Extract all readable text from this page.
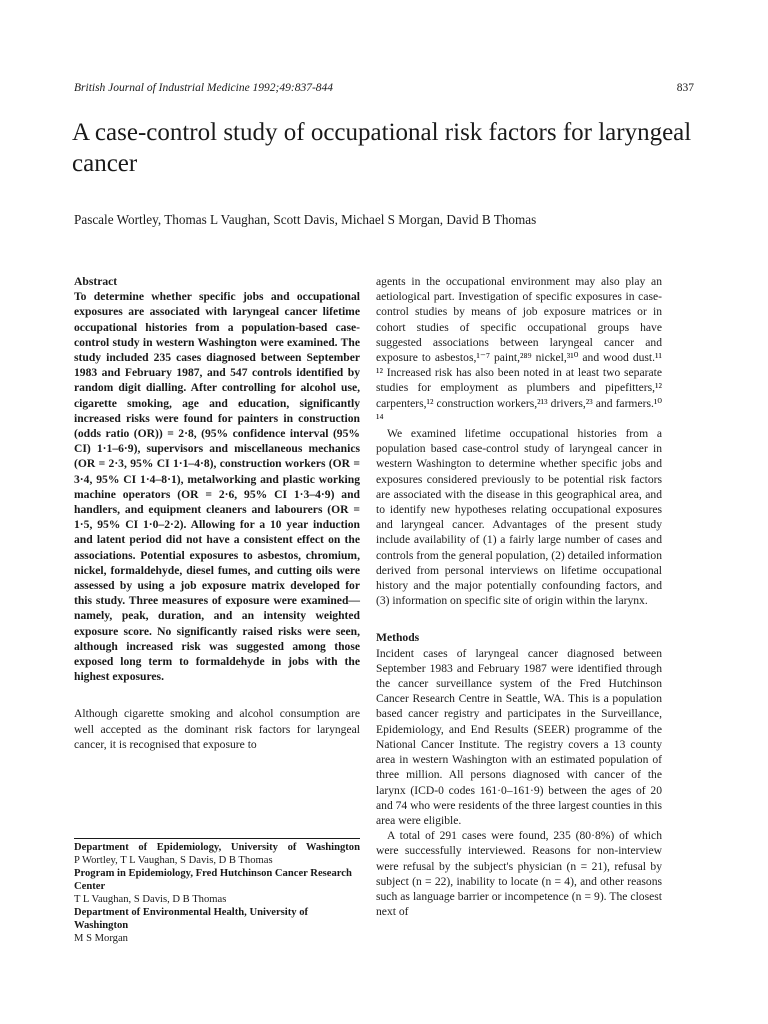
British Journal of Industrial Medicine 1992;49:837-844	837
A case-control study of occupational risk factors for laryngeal cancer
Pascale Wortley, Thomas L Vaughan, Scott Davis, Michael S Morgan, David B Thomas

Abstract

To determine whether specific jobs and occupational exposures are associated with laryngeal cancer lifetime occupational histories from a population-based case-control study in western Washington were examined. The study included 235 cases diagnosed between September 1983 and February 1987, and 547 controls identified by random digit dialling. After controlling for alcohol use, cigarette smoking, age and education, significantly increased risks were found for painters in construction (odds ratio (OR)) = 2·8, (95% confidence interval (95% CI) 1·1–6·9), supervisors and miscellaneous mechanics (OR = 2·3, 95% CI 1·1–4·8), construction workers (OR = 3·4, 95% CI 1·4–8·1), metalworking and plastic working machine operators (OR = 2·6, 95% CI 1·3–4·9) and handlers, and equipment cleaners and labourers (OR = 1·5, 95% CI 1·0–2·2). Allowing for a 10 year induction and latent period did not have a consistent effect on the associations. Potential exposures to asbestos, chromium, nickel, formaldehyde, diesel fumes, and cutting oils were assessed by using a job exposure matrix developed for this study. Three measures of exposure were examined—namely, peak, duration, and an intensity weighted exposure score. No significantly raised risks were seen, although increased risk was suggested among those exposed long term to formaldehyde in jobs with the highest exposures.

Although cigarette smoking and alcohol consumption are well accepted as the dominant risk factors for laryngeal cancer, it is recognised that exposure to

Department of Epidemiology, University of Washington
P Wortley, T L Vaughan, S Davis, D B Thomas
Program in Epidemiology, Fred Hutchinson Cancer Research Center
T L Vaughan, S Davis, D B Thomas
Department of Environmental Health, University of Washington
M S Morgan

agents in the occupational environment may also play an aetiological part. Investigation of specific exposures in case-control studies by means of job exposure matrices or in cohort studies of specific occupational groups have suggested associations between laryngeal cancer and exposure to asbestos,¹⁻⁷ paint,²⁸⁹ nickel,³¹⁰ and wood dust.¹¹ ¹² Increased risk has also been noted in at least two separate studies for employment as plumbers and pipefitters,¹² carpenters,¹² construction workers,²¹³ drivers,²³ and farmers.¹⁰ ¹⁴

We examined lifetime occupational histories from a population based case-control study of laryngeal cancer in western Washington to determine whether specific jobs and exposures considered previously to be potential risk factors are associated with the disease in this geographical area, and to identify new hypotheses relating occupational exposures and laryngeal cancer. Advantages of the present study include availability of (1) a fairly large number of cases and controls from the general population, (2) detailed information derived from personal interviews on lifetime occupational history and the major potentially confounding factors, and (3) information on specific site of origin within the larynx.

Methods

Incident cases of laryngeal cancer diagnosed between September 1983 and February 1987 were identified through the cancer surveillance system of the Fred Hutchinson Cancer Research Centre in Seattle, WA. This is a population based cancer registry and participates in the Surveillance, Epidemiology, and End Results (SEER) programme of the National Cancer Institute. The registry covers a 13 county area in western Washington with an estimated population of three million. All persons diagnosed with cancer of the larynx (ICD-0 codes 161·0–161·9) between the ages of 20 and 74 who were residents of the three largest counties in this area were eligible.

A total of 291 cases were found, 235 (80·8%) of which were successfully interviewed. Reasons for non-interview were refusal by the subject's physician (n = 21), refusal by subject (n = 22), inability to locate (n = 4), and other reasons such as language barrier or incompetence (n = 9). The closest next of
